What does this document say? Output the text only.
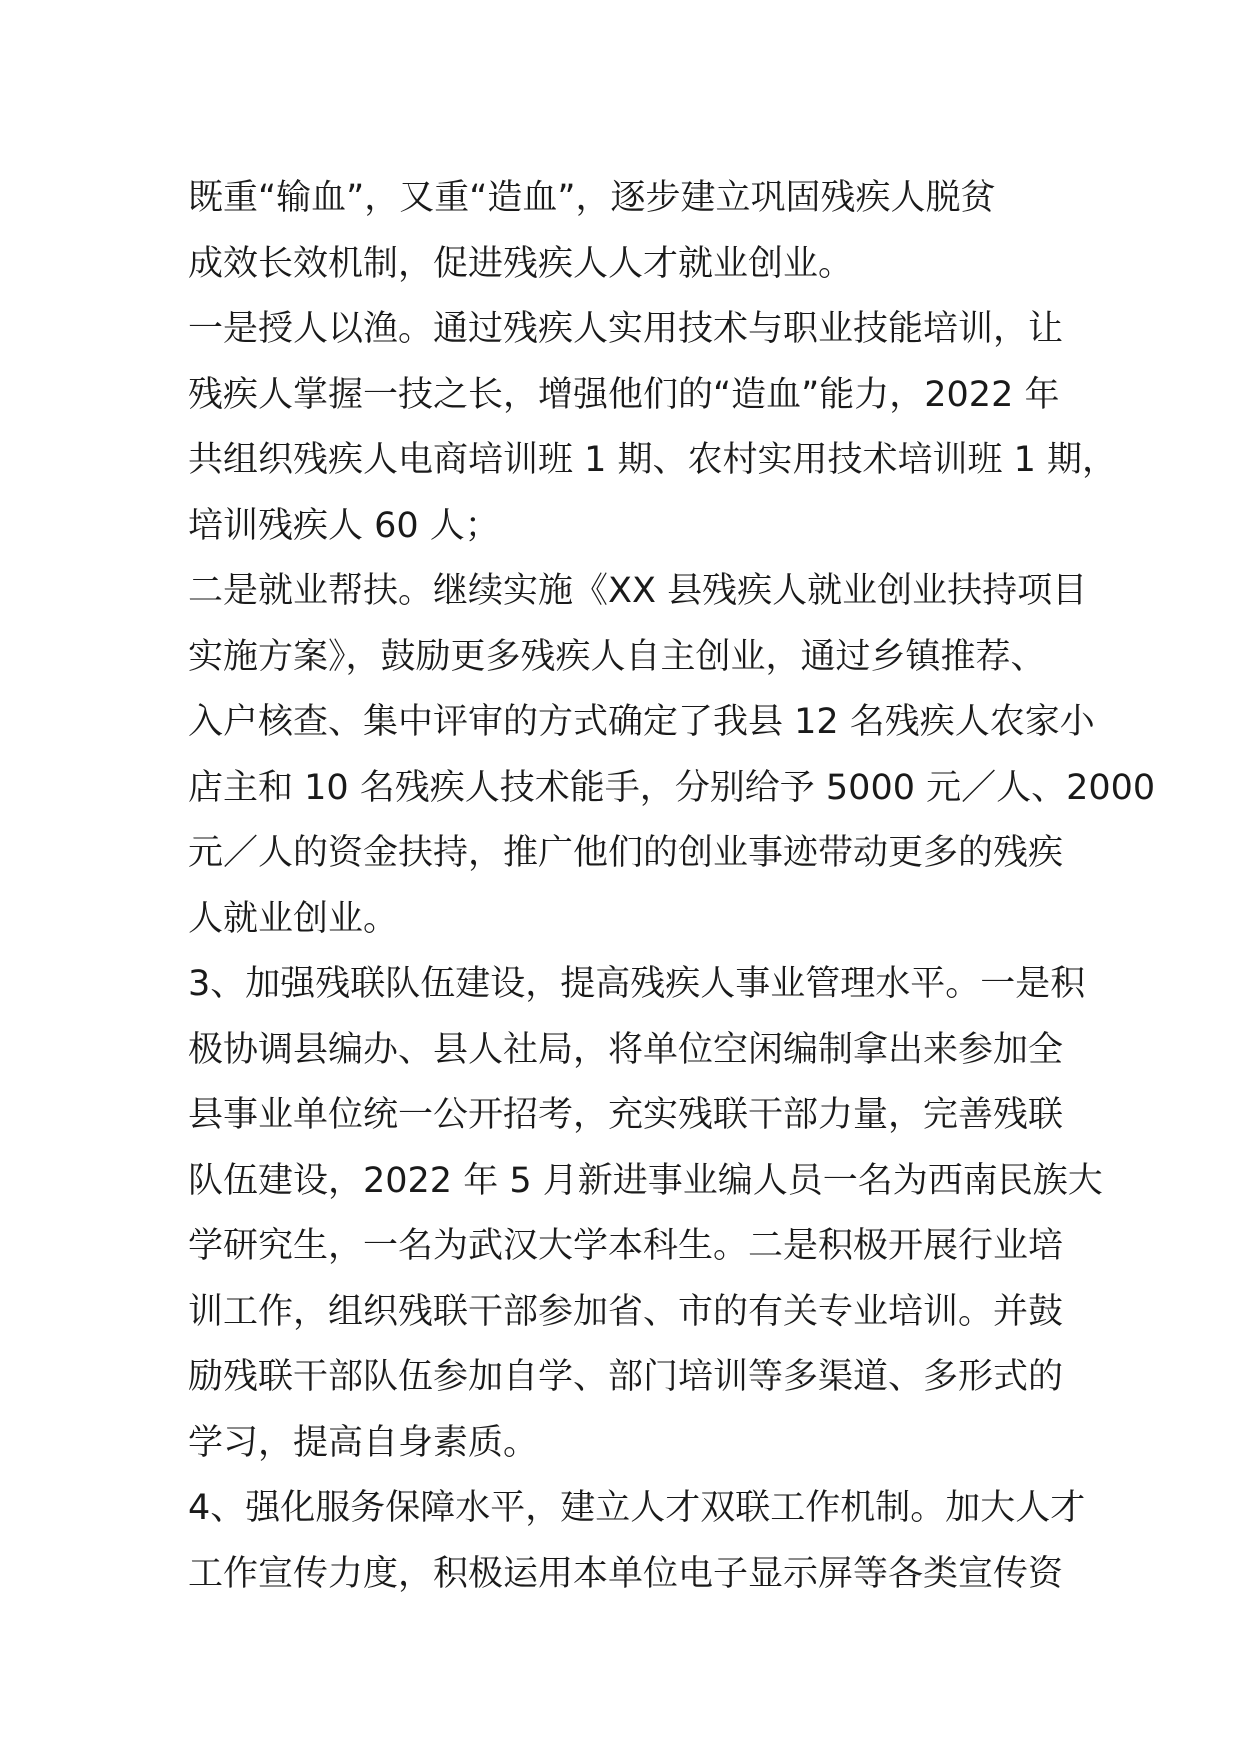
既重“输血”，又重“造血”，逐步建立巩固残疾人脱贫
成效长效机制，促进残疾人人才就业创业。
一是授人以渔。通过残疾人实用技术与职业技能培训，让
残疾人掌握一技之长，增强他们的“造血”能力，2022 年
共组织残疾人电商培训班 1 期、农村实用技术培训班 1 期，
培训残疾人 60 人；
二是就业帮扶。继续实施《XX 县残疾人就业创业扶持项目
实施方案》，鼓励更多残疾人自主创业，通过乡镇推荐、
入户核查、集中评审的方式确定了我县 12 名残疾人农家小
店主和 10 名残疾人技术能手，分别给予 5000 元／人、2000
元／人的资金扶持，推广他们的创业事迹带动更多的残疾
人就业创业。
3、加强残联队伍建设，提高残疾人事业管理水平。一是积
极协调县编办、县人社局，将单位空闲编制拿出来参加全
县事业单位统一公开招考，充实残联干部力量，完善残联
队伍建设，2022 年 5 月新进事业编人员一名为西南民族大
学研究生，一名为武汉大学本科生。二是积极开展行业培
训工作，组织残联干部参加省、市的有关专业培训。并鼓
励残联干部队伍参加自学、部门培训等多渠道、多形式的
学习，提高自身素质。
4、强化服务保障水平，建立人才双联工作机制。加大人才
工作宣传力度，积极运用本单位电子显示屏等各类宣传资
